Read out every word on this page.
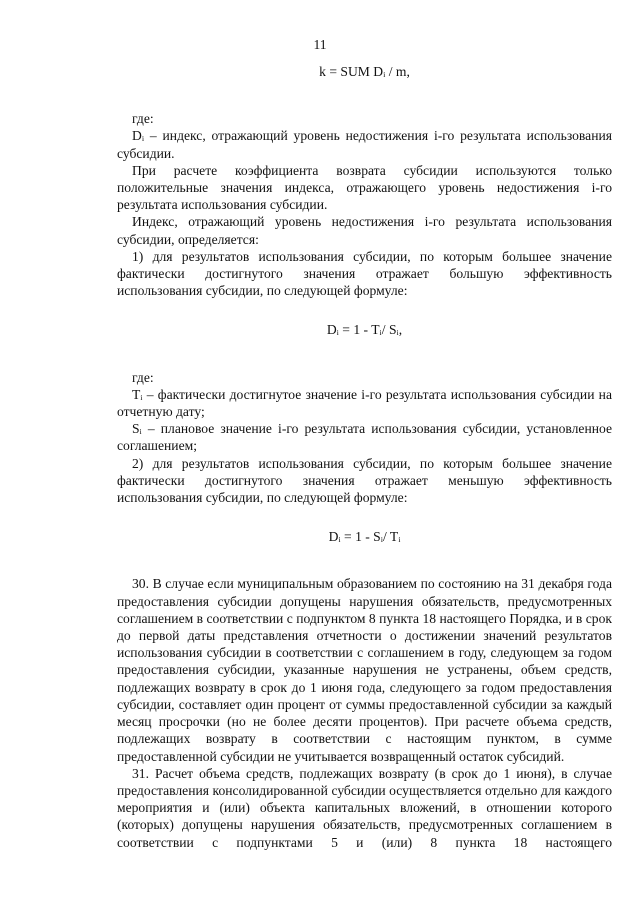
11

k = SUM Dᵢ / m,

где:

Dᵢ – индекс, отражающий уровень недостижения i-го результата использования субсидии.

При расчете коэффициента возврата субсидии используются только положительные значения индекса, отражающего уровень недостижения i-го результата использования субсидии.

Индекс, отражающий уровень недостижения i-го результата использования субсидии, определяется:

1) для результатов использования субсидии, по которым большее значение фактически достигнутого значения отражает большую эффективность использования субсидии, по следующей формуле:

Dᵢ = 1 - Tᵢ/ Sᵢ,

где:

Tᵢ – фактически достигнутое значение i-го результата использования субсидии на отчетную дату;

Sᵢ – плановое значение i-го результата использования субсидии, установленное соглашением;

2) для результатов использования субсидии, по которым большее значение фактически достигнутого значения отражает меньшую эффективность использования субсидии, по следующей формуле:

Dᵢ = 1 - Sᵢ/ Tᵢ

30. В случае если муниципальным образованием по состоянию на 31 декабря года предоставления субсидии допущены нарушения обязательств, предусмотренных соглашением в соответствии с подпунктом 8 пункта 18 настоящего Порядка, и в срок до первой даты представления отчетности о достижении значений результатов использования субсидии в соответствии с соглашением в году, следующем за годом предоставления субсидии, указанные нарушения не устранены, объем средств, подлежащих возврату в срок до 1 июня года, следующего за годом предоставления субсидии, составляет один процент от суммы предоставленной субсидии за каждый месяц просрочки (но не более десяти процентов). При расчете объема средств, подлежащих возврату в соответствии с настоящим пунктом, в сумме предоставленной субсидии не учитывается возвращенный остаток субсидий.

31. Расчет объема средств, подлежащих возврату (в срок до 1 июня), в случае предоставления консолидированной субсидии осуществляется отдельно для каждого мероприятия и (или) объекта капитальных вложений, в отношении которого (которых) допущены нарушения обязательств, предусмотренных соглашением в соответствии с подпунктами 5 и (или) 8 пункта 18 настоящего
